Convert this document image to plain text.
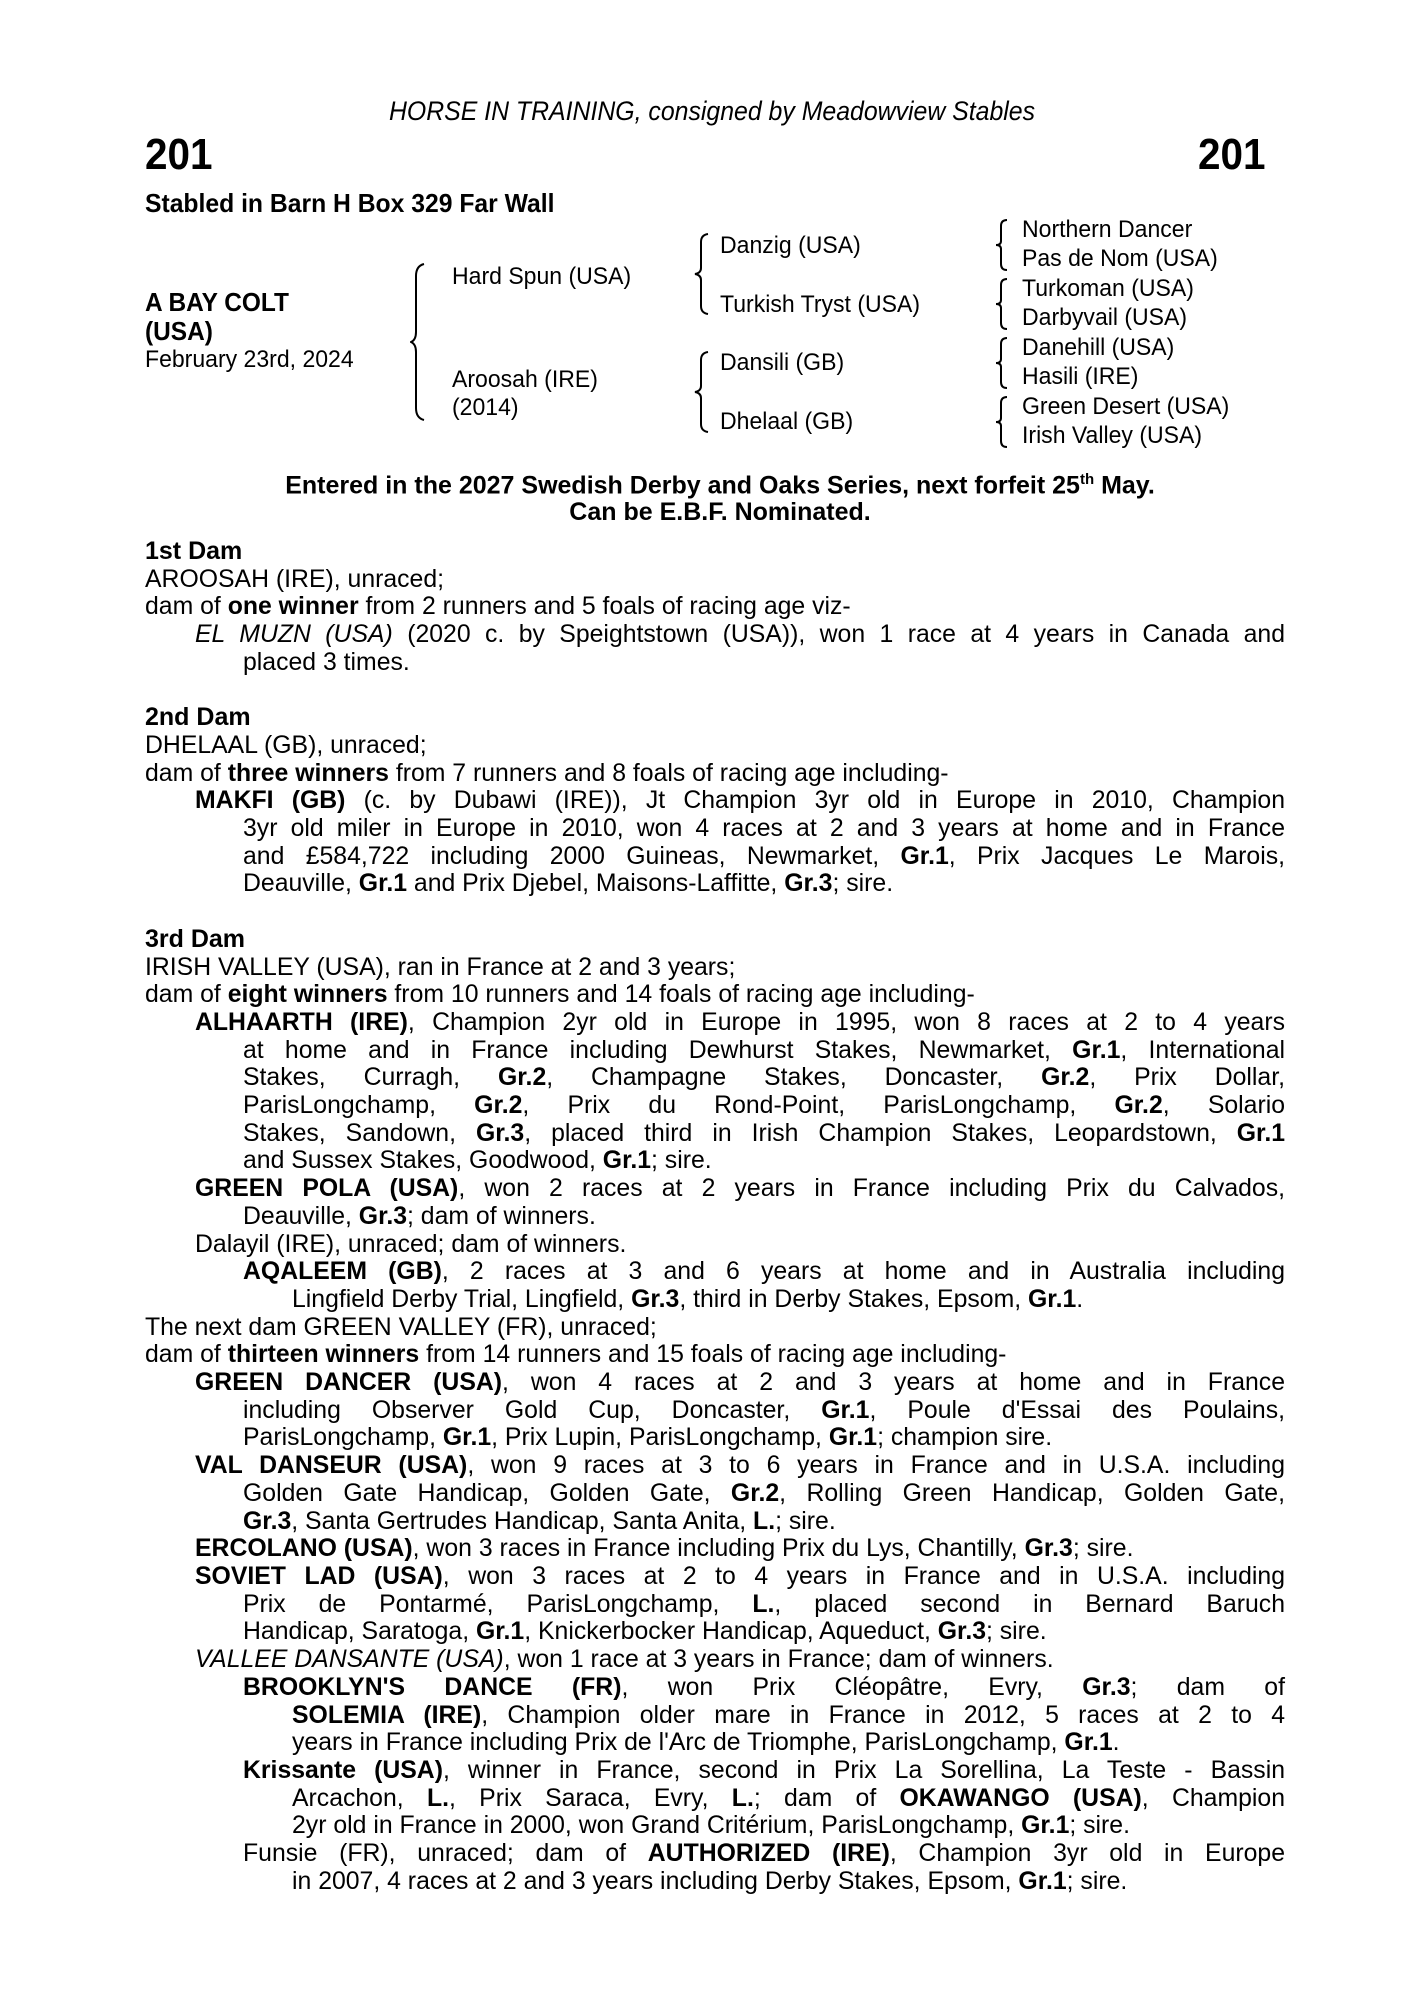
HORSE IN TRAINING, consigned by Meadowview Stables
201	201
Stabled in Barn H Box 329 Far Wall
A BAY COLT
(USA)
February 23rd, 2024
Hard Spun (USA)
Aroosah (IRE)
(2014)
Danzig (USA)
Turkish Tryst (USA)
Dansili (GB)
Dhelaal (GB)
Northern Dancer
Pas de Nom (USA)
Turkoman (USA)
Darbyvail (USA)
Danehill (USA)
Hasili (IRE)
Green Desert (USA)
Irish Valley (USA)
Entered in the 2027 Swedish Derby and Oaks Series, next forfeit 25th May.
Can be E.B.F. Nominated.
1st Dam
AROOSAH (IRE), unraced;
dam of one winner from 2 runners and 5 foals of racing age viz-
EL MUZN (USA) (2020 c. by Speightstown (USA)), won 1 race at 4 years in Canada and
placed 3 times.
2nd Dam
DHELAAL (GB), unraced;
dam of three winners from 7 runners and 8 foals of racing age including-
MAKFI (GB) (c. by Dubawi (IRE)), Jt Champion 3yr old in Europe in 2010, Champion
3yr old miler in Europe in 2010, won 4 races at 2 and 3 years at home and in France
and £584,722 including 2000 Guineas, Newmarket, Gr.1, Prix Jacques Le Marois,
Deauville, Gr.1 and Prix Djebel, Maisons-Laffitte, Gr.3; sire.
3rd Dam
IRISH VALLEY (USA), ran in France at 2 and 3 years;
dam of eight winners from 10 runners and 14 foals of racing age including-
ALHAARTH (IRE), Champion 2yr old in Europe in 1995, won 8 races at 2 to 4 years
at home and in France including Dewhurst Stakes, Newmarket, Gr.1, International
Stakes, Curragh, Gr.2, Champagne Stakes, Doncaster, Gr.2, Prix Dollar,
ParisLongchamp, Gr.2, Prix du Rond-Point, ParisLongchamp, Gr.2, Solario
Stakes, Sandown, Gr.3, placed third in Irish Champion Stakes, Leopardstown, Gr.1
and Sussex Stakes, Goodwood, Gr.1; sire.
GREEN POLA (USA), won 2 races at 2 years in France including Prix du Calvados,
Deauville, Gr.3; dam of winners.
Dalayil (IRE), unraced; dam of winners.
AQALEEM (GB), 2 races at 3 and 6 years at home and in Australia including
Lingfield Derby Trial, Lingfield, Gr.3, third in Derby Stakes, Epsom, Gr.1.
The next dam GREEN VALLEY (FR), unraced;
dam of thirteen winners from 14 runners and 15 foals of racing age including-
GREEN DANCER (USA), won 4 races at 2 and 3 years at home and in France
including Observer Gold Cup, Doncaster, Gr.1, Poule d'Essai des Poulains,
ParisLongchamp, Gr.1, Prix Lupin, ParisLongchamp, Gr.1; champion sire.
VAL DANSEUR (USA), won 9 races at 3 to 6 years in France and in U.S.A. including
Golden Gate Handicap, Golden Gate, Gr.2, Rolling Green Handicap, Golden Gate,
Gr.3, Santa Gertrudes Handicap, Santa Anita, L.; sire.
ERCOLANO (USA), won 3 races in France including Prix du Lys, Chantilly, Gr.3; sire.
SOVIET LAD (USA), won 3 races at 2 to 4 years in France and in U.S.A. including
Prix de Pontarmé, ParisLongchamp, L., placed second in Bernard Baruch
Handicap, Saratoga, Gr.1, Knickerbocker Handicap, Aqueduct, Gr.3; sire.
VALLEE DANSANTE (USA), won 1 race at 3 years in France; dam of winners.
BROOKLYN'S DANCE (FR), won Prix Cléopâtre, Evry, Gr.3; dam of
SOLEMIA (IRE), Champion older mare in France in 2012, 5 races at 2 to 4
years in France including Prix de l'Arc de Triomphe, ParisLongchamp, Gr.1.
Krissante (USA), winner in France, second in Prix La Sorellina, La Teste - Bassin
Arcachon, L., Prix Saraca, Evry, L.; dam of OKAWANGO (USA), Champion
2yr old in France in 2000, won Grand Critérium, ParisLongchamp, Gr.1; sire.
Funsie (FR), unraced; dam of AUTHORIZED (IRE), Champion 3yr old in Europe
in 2007, 4 races at 2 and 3 years including Derby Stakes, Epsom, Gr.1; sire.
